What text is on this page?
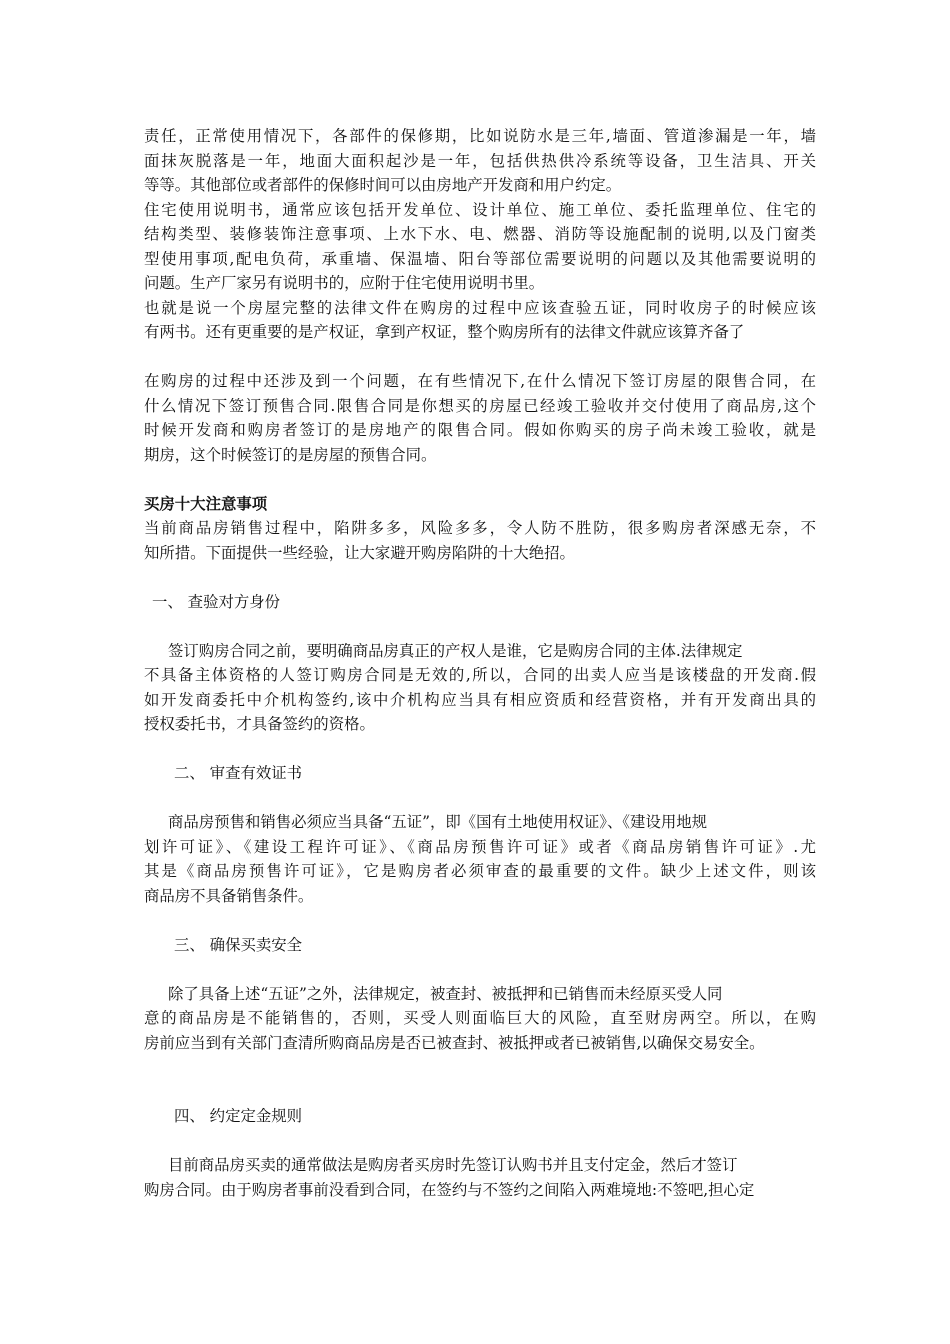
责任，正常使用情况下，各部件的保修期，比如说防水是三年,墙面、管道渗漏是一年，墙
面抹灰脱落是一年，地面大面积起沙是一年，包括供热供冷系统等设备，卫生洁具、开关
等等。其他部位或者部件的保修时间可以由房地产开发商和用户约定。
住宅使用说明书，通常应该包括开发单位、设计单位、施工单位、委托监理单位、住宅的
结构类型、装修装饰注意事项、上水下水、电、燃器、消防等设施配制的说明,以及门窗类
型使用事项,配电负荷，承重墙、保温墙、阳台等部位需要说明的问题以及其他需要说明的
问题。生产厂家另有说明书的，应附于住宅使用说明书里。
也就是说一个房屋完整的法律文件在购房的过程中应该查验五证，同时收房子的时候应该
有两书。还有更重要的是产权证，拿到产权证，整个购房所有的法律文件就应该算齐备了
在购房的过程中还涉及到一个问题，在有些情况下,在什么情况下签订房屋的限售合同，在
什么情况下签订预售合同.限售合同是你想买的房屋已经竣工验收并交付使用了商品房,这个
时候开发商和购房者签订的是房地产的限售合同。假如你购买的房子尚未竣工验收，就是
期房，这个时候签订的是房屋的预售合同。
买房十大注意事项
当前商品房销售过程中，陷阱多多，风险多多，令人防不胜防，很多购房者深感无奈，不
知所措。下面提供一些经验，让大家避开购房陷阱的十大绝招。
一、 查验对方身份
签订购房合同之前，要明确商品房真正的产权人是谁，它是购房合同的主体.法律规定
不具备主体资格的人签订购房合同是无效的,所以，合同的出卖人应当是该楼盘的开发商.假
如开发商委托中介机构签约,该中介机构应当具有相应资质和经营资格，并有开发商出具的
授权委托书，才具备签约的资格。
二、 审查有效证书
商品房预售和销售必须应当具备“五证”，即《国有土地使用权证》、《建设用地规
划许可证》、《建设工程许可证》、《商品房预售许可证》或者《商品房销售许可证》.尤
其是《商品房预售许可证》，它是购房者必须审查的最重要的文件。缺少上述文件，则该
商品房不具备销售条件。
三、 确保买卖安全
除了具备上述“五证”之外，法律规定，被查封、被抵押和已销售而未经原买受人同
意的商品房是不能销售的，否则，买受人则面临巨大的风险，直至财房两空。所以，在购
房前应当到有关部门查清所购商品房是否已被查封、被抵押或者已被销售,以确保交易安全。
四、 约定定金规则
目前商品房买卖的通常做法是购房者买房时先签订认购书并且支付定金，然后才签订
购房合同。由于购房者事前没看到合同，在签约与不签约之间陷入两难境地:不签吧,担心定
